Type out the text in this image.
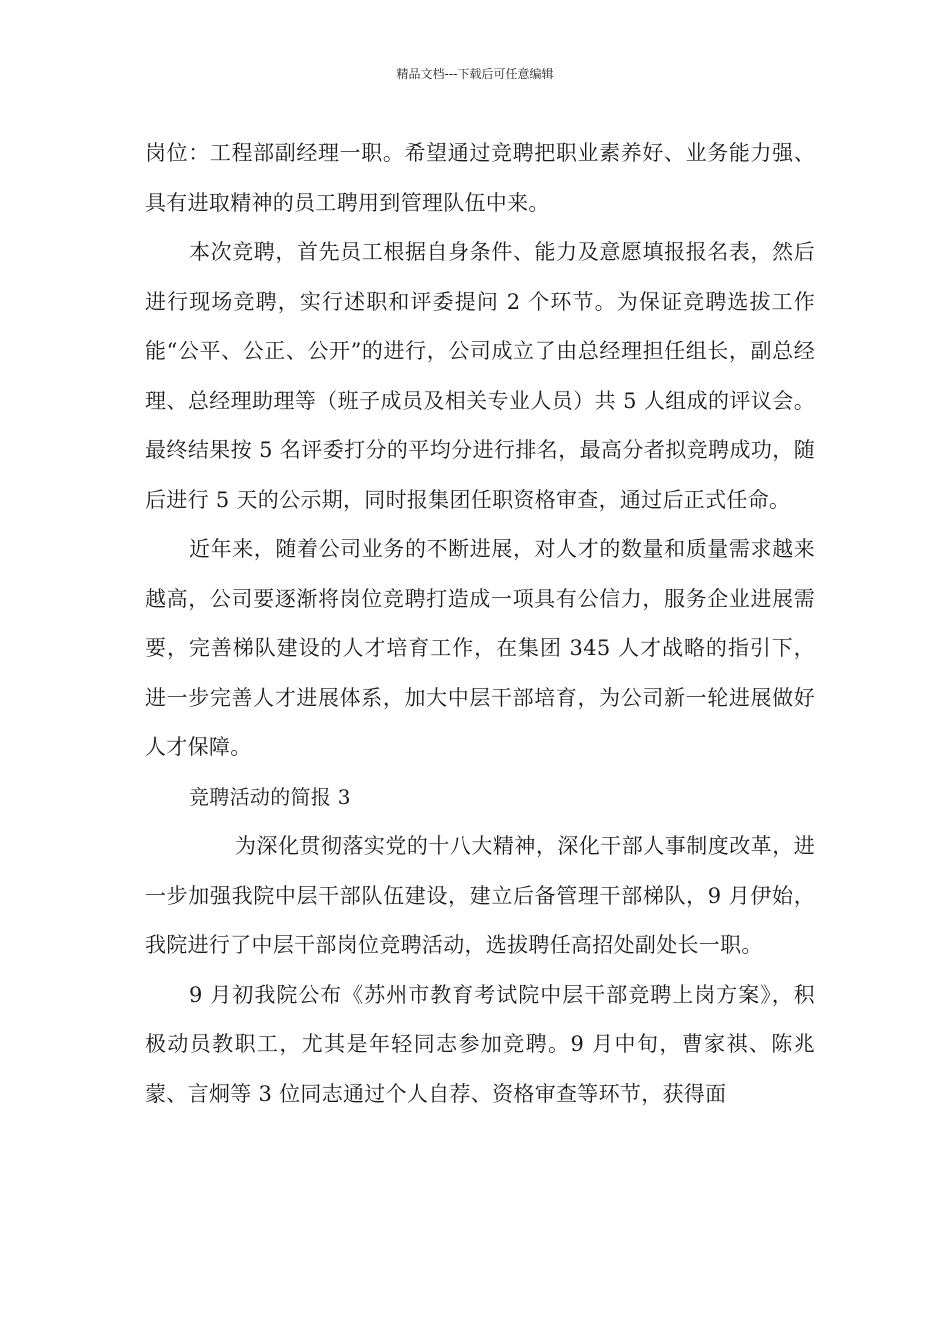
精品文档---下载后可任意编辑

岗位：工程部副经理一职。希望通过竞聘把职业素养好、业务能力强、具有进取精神的员工聘用到管理队伍中来。

本次竞聘，首先员工根据自身条件、能力及意愿填报报名表，然后进行现场竞聘，实行述职和评委提问 2 个环节。为保证竞聘选拔工作能“公平、公正、公开”的进行，公司成立了由总经理担任组长，副总经理、总经理助理等（班子成员及相关专业人员）共 5 人组成的评议会。最终结果按 5 名评委打分的平均分进行排名，最高分者拟竞聘成功，随后进行 5 天的公示期，同时报集团任职资格审查，通过后正式任命。

近年来，随着公司业务的不断进展，对人才的数量和质量需求越来越高，公司要逐渐将岗位竞聘打造成一项具有公信力，服务企业进展需要，完善梯队建设的人才培育工作，在集团 345 人才战略的指引下，进一步完善人才进展体系，加大中层干部培育，为公司新一轮进展做好人才保障。

竞聘活动的简报 3

为深化贯彻落实党的十八大精神，深化干部人事制度改革，进一步加强我院中层干部队伍建设，建立后备管理干部梯队，9 月伊始，我院进行了中层干部岗位竞聘活动，选拔聘任高招处副处长一职。

9 月初我院公布《苏州市教育考试院中层干部竞聘上岗方案》，积极动员教职工，尤其是年轻同志参加竞聘。9 月中旬，曹家祺、陈兆蒙、言炯等 3 位同志通过个人自荐、资格审查等环节，获得面
